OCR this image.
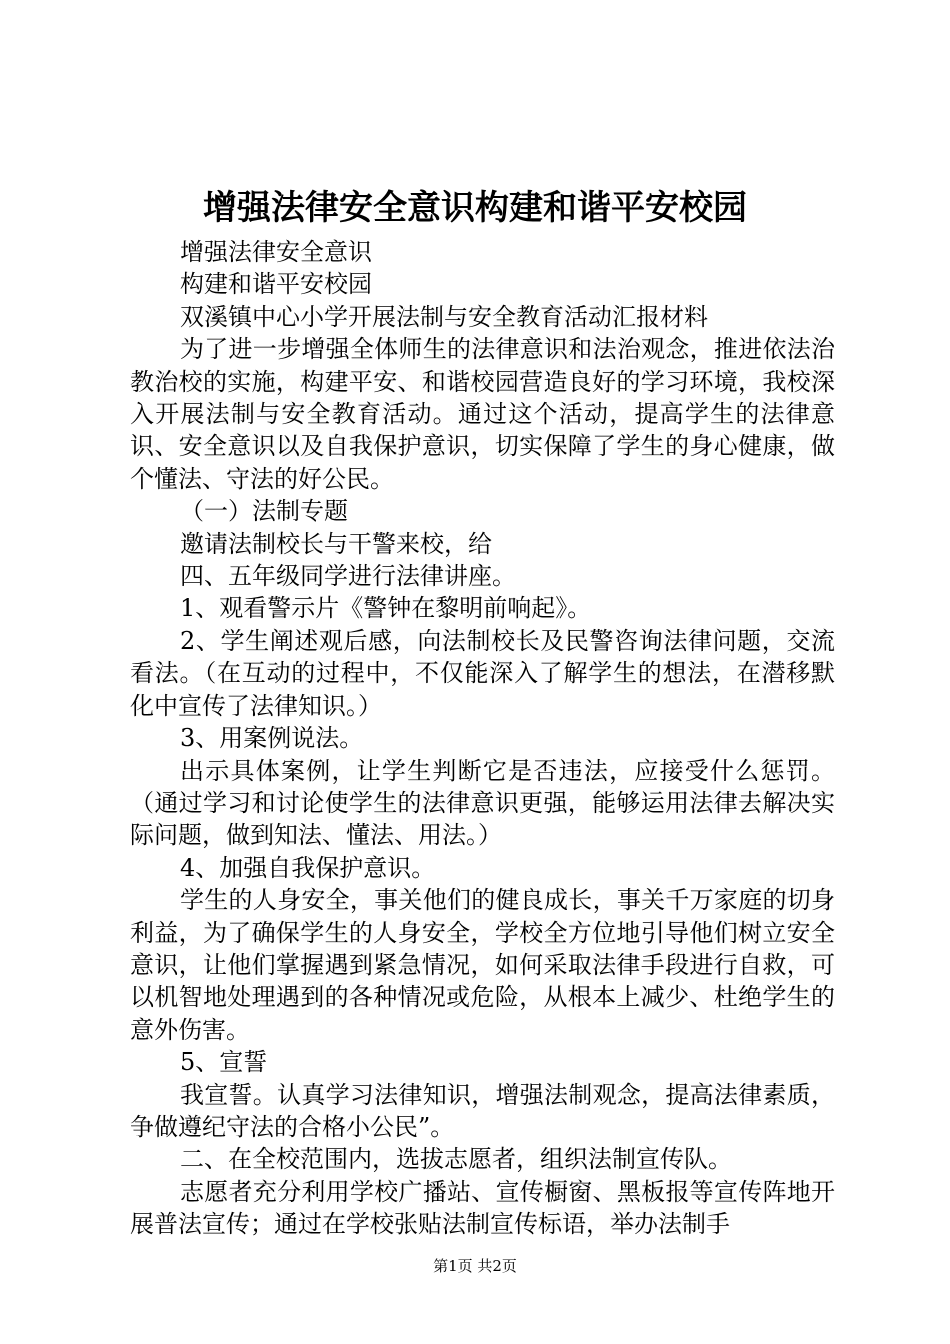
增强法律安全意识构建和谐平安校园

增强法律安全意识

构建和谐平安校园

双溪镇中心小学开展法制与安全教育活动汇报材料

为了进一步增强全体师生的法律意识和法治观念，推进依法治教治校的实施，构建平安、和谐校园营造良好的学习环境，我校深入开展法制与安全教育活动。通过这个活动，提高学生的法律意识、安全意识以及自我保护意识，切实保障了学生的身心健康，做个懂法、守法的好公民。

（一）法制专题

邀请法制校长与干警来校，给

四、五年级同学进行法律讲座。

1、观看警示片《警钟在黎明前响起》。

2、学生阐述观后感，向法制校长及民警咨询法律问题，交流看法。（在互动的过程中，不仅能深入了解学生的想法，在潜移默化中宣传了法律知识。）

3、用案例说法。

出示具体案例，让学生判断它是否违法，应接受什么惩罚。（通过学习和讨论使学生的法律意识更强，能够运用法律去解决实际问题，做到知法、懂法、用法。）

4、加强自我保护意识。

学生的人身安全，事关他们的健良成长，事关千万家庭的切身利益，为了确保学生的人身安全，学校全方位地引导他们树立安全意识，让他们掌握遇到紧急情况，如何采取法律手段进行自救，可以机智地处理遇到的各种情况或危险，从根本上减少、杜绝学生的意外伤害。

5、宣誓

我宣誓。认真学习法律知识，增强法制观念，提高法律素质，争做遵纪守法的合格小公民”。

二、在全校范围内，选拔志愿者，组织法制宣传队。

志愿者充分利用学校广播站、宣传橱窗、黑板报等宣传阵地开展普法宣传；通过在学校张贴法制宣传标语，举办法制手

第1页 共2页
